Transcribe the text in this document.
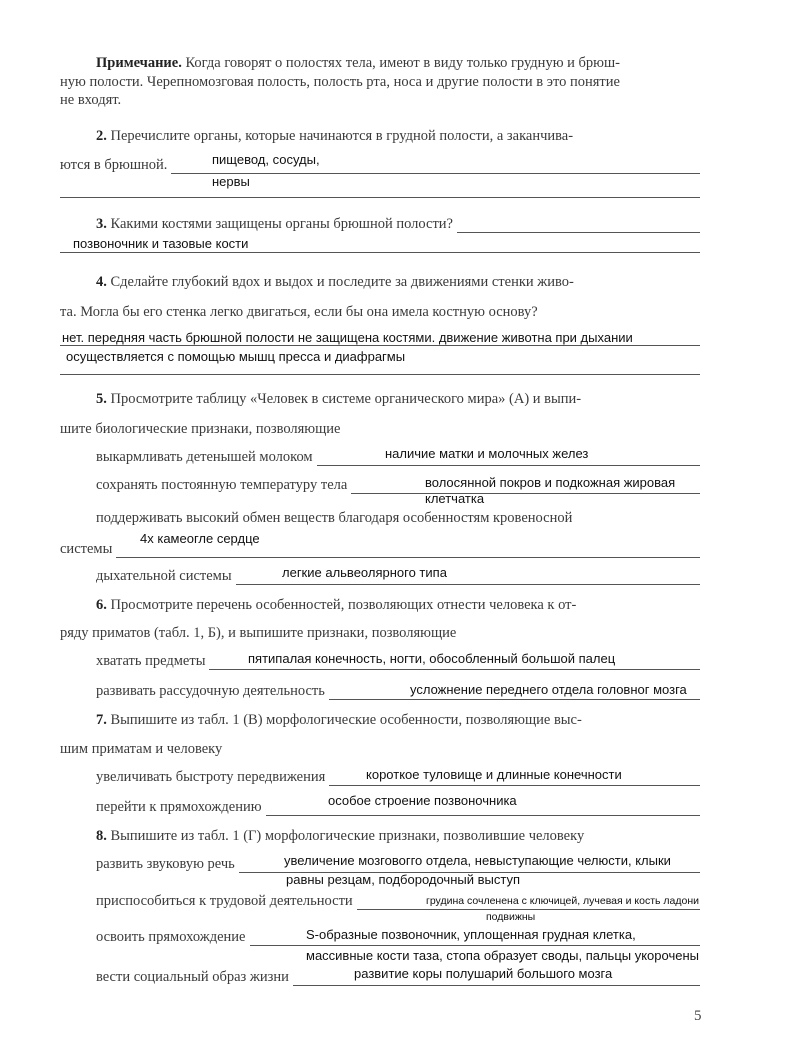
Примечание. Когда говорят о полостях тела, имеют в виду только грудную и брюш-
ную полости. Черепномозговая полость, полость рта, носа и другие полости в это понятие
не входят.
2. Перечислите органы, которые начинаются в грудной полости, а заканчива-
ются в брюшной.	пищевод, сосуды,
нервы
3.
Какими костями защищены органы брюшной полости?
позвоночник и тазовые кости
4. Сделайте глубокий вдох и выдох и последите за движениями стенки живо-
та. Могла бы его стенка легко двигаться, если бы она имела костную основу?
нет. передняя часть брюшной полости не защищена костями. движение животна при дыхании
осуществляется с помощью мышц пресса и диафрагмы
5. Просмотрите таблицу «Человек в системе органического мира» (А) и выпи-
шите биологические признаки, позволяющие
выкармливать детенышей молоком	наличие матки и молочных желез
сохранять постоянную температуру тела	волосянной покров и подкожная жировая
клетчатка
поддерживать высокий обмен веществ благодаря особенностям кровеносной
системы
4х камеогле сердце
дыхательной системы	легкие альвеолярного типа
6. Просмотрите перечень особенностей, позволяющих отнести человека к от-
ряду приматов (табл. 1, Б), и выпишите признаки, позволяющие
хватать предметы	пятипалая конечность, ногти, обособленный большой палец
развивать рассудочную деятельность	усложнение переднего отдела головног мозга
7. Выпишите из табл. 1 (В) морфологические особенности, позволяющие выс-
шим приматам и человеку
увеличивать быстроту передвижения	короткое туловище и длинные конечности
перейти к прямохождению	особое строение позвоночника
8. Выпишите из табл. 1 (Г) морфологические признаки, позволившие человеку
развить звуковую речь	увеличение мозговогго отдела, невыступающие челюсти, клыки
равны резцам, подбородочный выступ
приспособиться к трудовой деятельности	грудина сочленена с ключицей, лучевая и кость ладони
подвижны
освоить прямохождение	S-образные позвоночник, уплощенная грудная клетка,
массивные кости таза, стопа образует своды, пальцы укорочены
вести социальный образ жизни	развитие коры полушарий большого мозга
5
